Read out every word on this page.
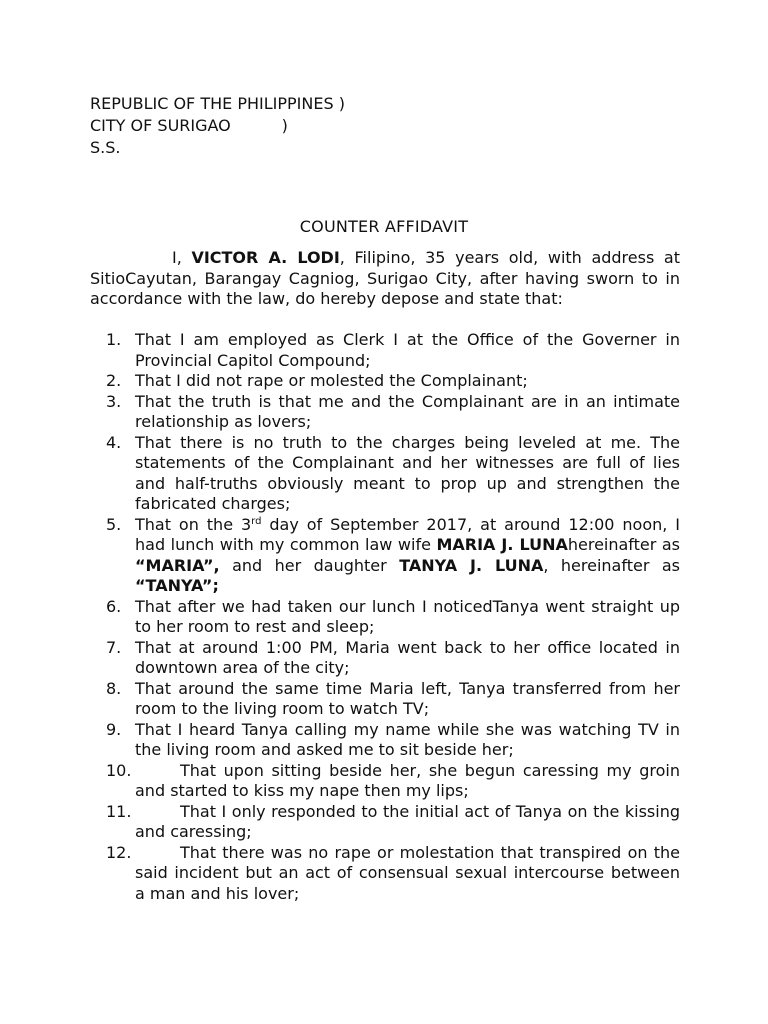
REPUBLIC OF THE PHILIPPINES )
CITY OF SURIGAO          )
S.S.
COUNTER AFFIDAVIT
I, VICTOR A. LODI, Filipino, 35 years old, with address at SitioCayutan, Barangay Cagniog, Surigao City, after having sworn to in accordance with the law, do hereby depose and state that:
1. That I am employed as Clerk I at the Office of the Governer in Provincial Capitol Compound;
2. That I did not rape or molested the Complainant;
3. That the truth is that me and the Complainant are in an intimate relationship as lovers;
4. That there is no truth to the charges being leveled at me. The statements of the Complainant and her witnesses are full of lies and half-truths obviously meant to prop up and strengthen the fabricated charges;
5. That on the 3rd day of September 2017, at around 12:00 noon, I had lunch with my common law wife MARIA J. LUNAhereinafter as “MARIA”, and her daughter TANYA J. LUNA, hereinafter as “TANYA”;
6. That after we had taken our lunch I noticedTanya went straight up to her room to rest and sleep;
7. That at around 1:00 PM, Maria went back to her office located in downtown area of the city;
8. That around the same time Maria left, Tanya transferred from her room to the living room to watch TV;
9. That I heard Tanya calling my name while she was watching TV in the living room and asked me to sit beside her;
10.	That upon sitting beside her, she begun caressing my groin and started to kiss my nape then my lips;
11.	That I only responded to the initial act of Tanya on the kissing and caressing;
12.	That there was no rape or molestation that transpired on the said incident but an act of consensual sexual intercourse between a man and his lover;
